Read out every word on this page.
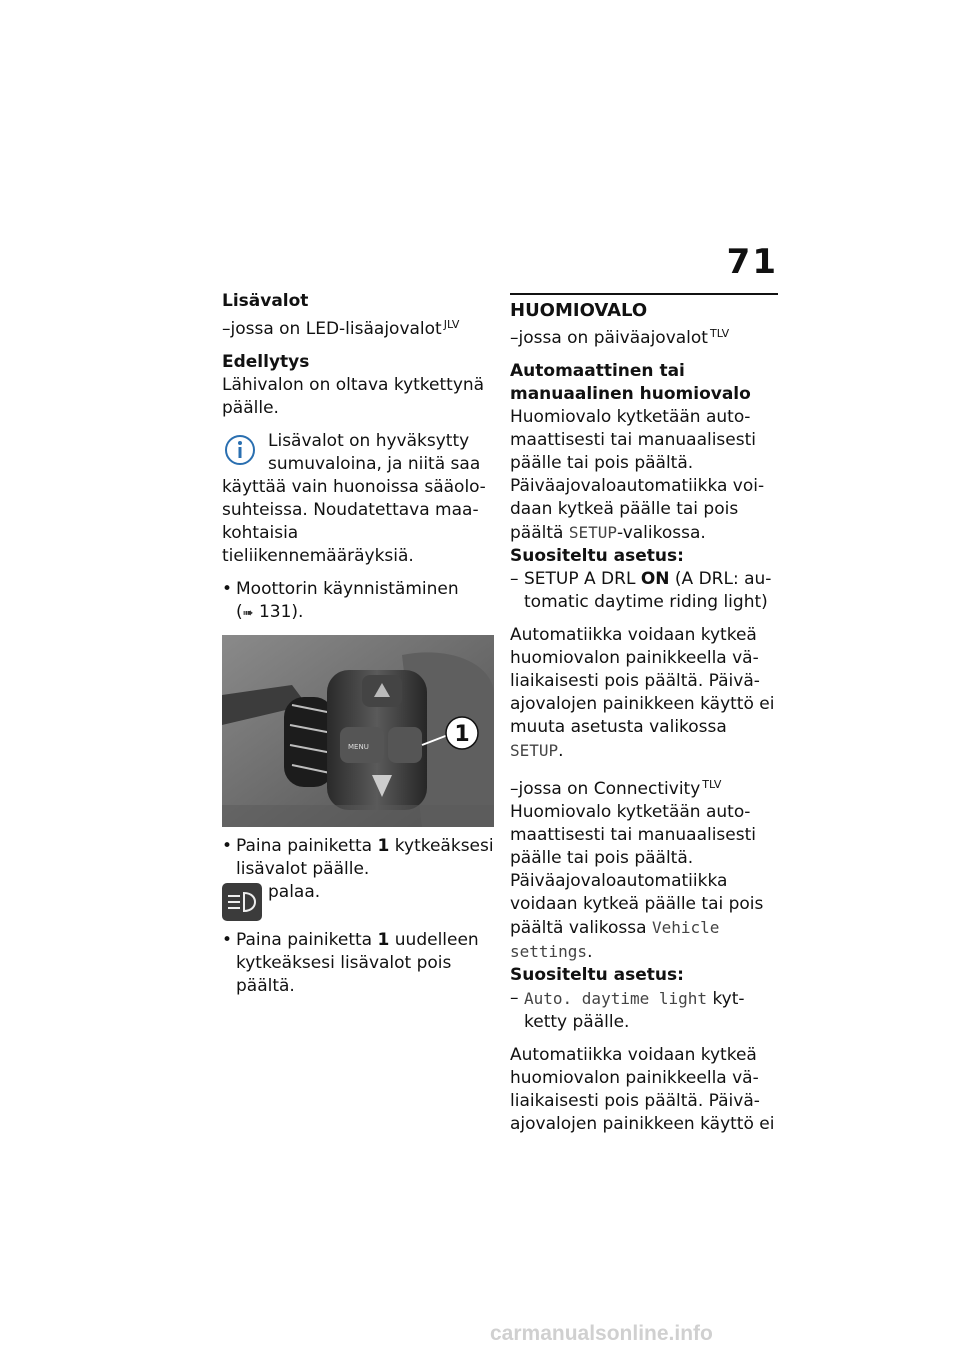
71

Lisävalot

–jossa on LED-lisäajovalot $^{JLV}$

Edellytys

Lähivalon on oltava kytkettynä päälle.

Lisävalot on hyväksytty sumuvaloina, ja niitä saa

käyttää vain huonoissa sääolosuhteissa. Noudatettava maakohtaisia tieliikennemääräyksiä.

• Moottorin käynnistäminen

(➠ 131).

MENU	1
• Paina painiketta 1 kytkeäksesi lisävalot päälle.

palaa.

• Paina painiketta 1 uudelleen kytkeäksesi lisävalot pois päältä.

HUOMIOVALO

–jossa on päiväajovalot $^{TLV}$

Automaattinen tai manuaalinen huomiovalo

Huomiovalo kytketään automaattisesti tai manuaalisesti päälle tai pois päältä. Päiväajovaloautomatiikka voidaan kytkeä päälle tai pois päältä SETUP-valikossa.

Suositeltu asetus:

– SETUP A DRL ON (A DRL: automatic daytime riding light)

Automatiikka voidaan kytkeä huomiovalon painikkeella väliaikaisesti pois päältä. Päiväajovalojen painikkeen käyttö ei muuta asetusta valikossa SETUP.

–jossa on Connectivity $^{TLV}$

Huomiovalo kytketään automaattisesti tai manuaalisesti päälle tai pois päältä. Päiväajovaloautomatiikka voidaan kytkeä päälle tai pois päältä valikossa Vehicle settings.

Suositeltu asetus:

– Auto. daytime light kytketty päälle.

Automatiikka voidaan kytkeä huomiovalon painikkeella väliaikaisesti pois päältä. Päiväajovalojen painikkeen käyttö ei

carmanualsonline.info
